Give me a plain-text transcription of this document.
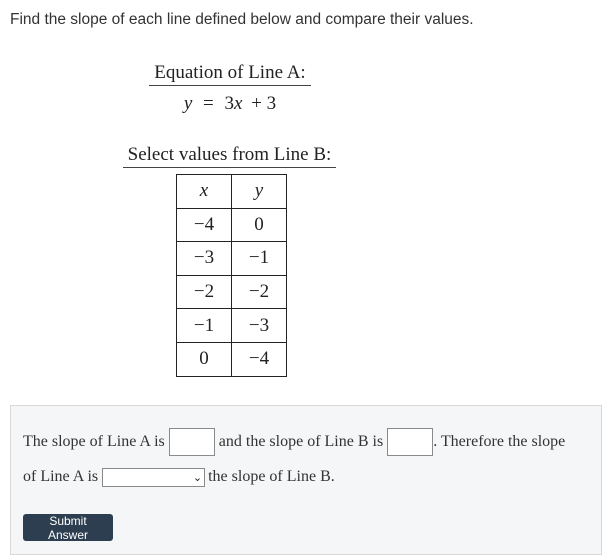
Find the slope of each line defined below and compare their values.
Equation of Line A:
y = 3x + 3
Select values from Line B:
x	y
−4	0
−3	−1
−2	−2
−1	−3
0	−4
The slope of Line A is	and the slope of Line B is	. Therefore the slope
of Line A is	⌄ the slope of Line B.
Submit Answer
